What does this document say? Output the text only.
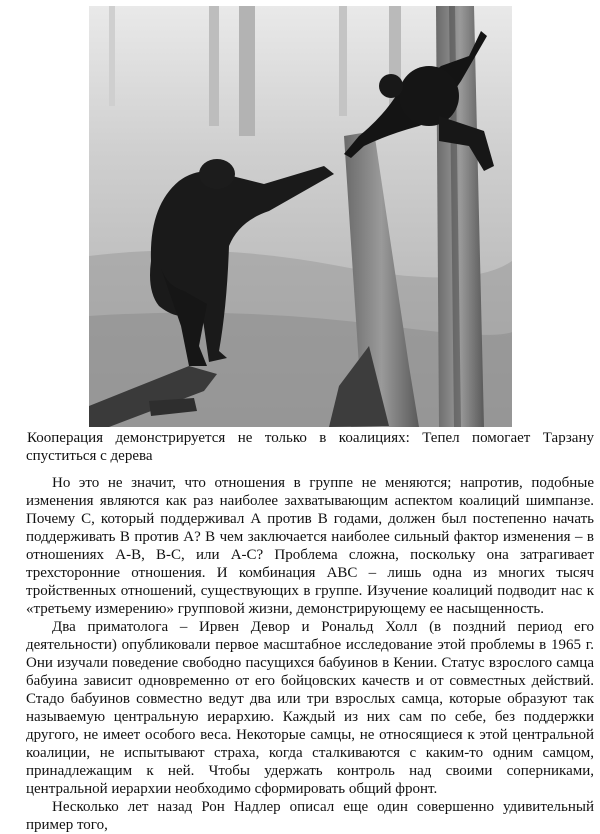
Кооперация демонстрируется не только в коалициях: Тепел помогает Тарзану спуститься с дерева

Но это не значит, что отношения в группе не меняются; напротив, подобные изменения являются как раз наиболее захватывающим аспектом коалиций шимпанзе. Почему С, который поддерживал А против В годами, должен был постепенно начать поддерживать В против А? В чем заключается наиболее сильный фактор изменения – в отношениях А-В, В-С, или А-С? Проблема сложна, поскольку она затрагивает трехсторонние отношения. И комбинация АВС – лишь одна из многих тысяч тройственных отношений, существующих в группе. Изучение коалиций подводит нас к «третьему измерению» групповой жизни, демонстрирующему ее насыщенность.

Два приматолога – Ирвен Девор и Рональд Холл (в поздний период его деятельности) опубликовали первое масштабное исследование этой проблемы в 1965 г. Они изучали поведение свободно пасущихся бабуинов в Кении. Статус взрослого самца бабуина зависит одновременно от его бойцовских качеств и от совместных действий. Стадо бабуинов совместно ведут два или три взрослых самца, которые образуют так называемую центральную иерархию. Каждый из них сам по себе, без поддержки другого, не имеет особого веса. Некоторые самцы, не относящиеся к этой центральной коалиции, не испытывают страха, когда сталкиваются с каким-то одним самцом, принадлежащим к ней. Чтобы удержать контроль над своими соперниками, центральной иерархии необходимо сформировать общий фронт.

Несколько лет назад Рон Надлер описал еще один совершенно удивительный пример того,
